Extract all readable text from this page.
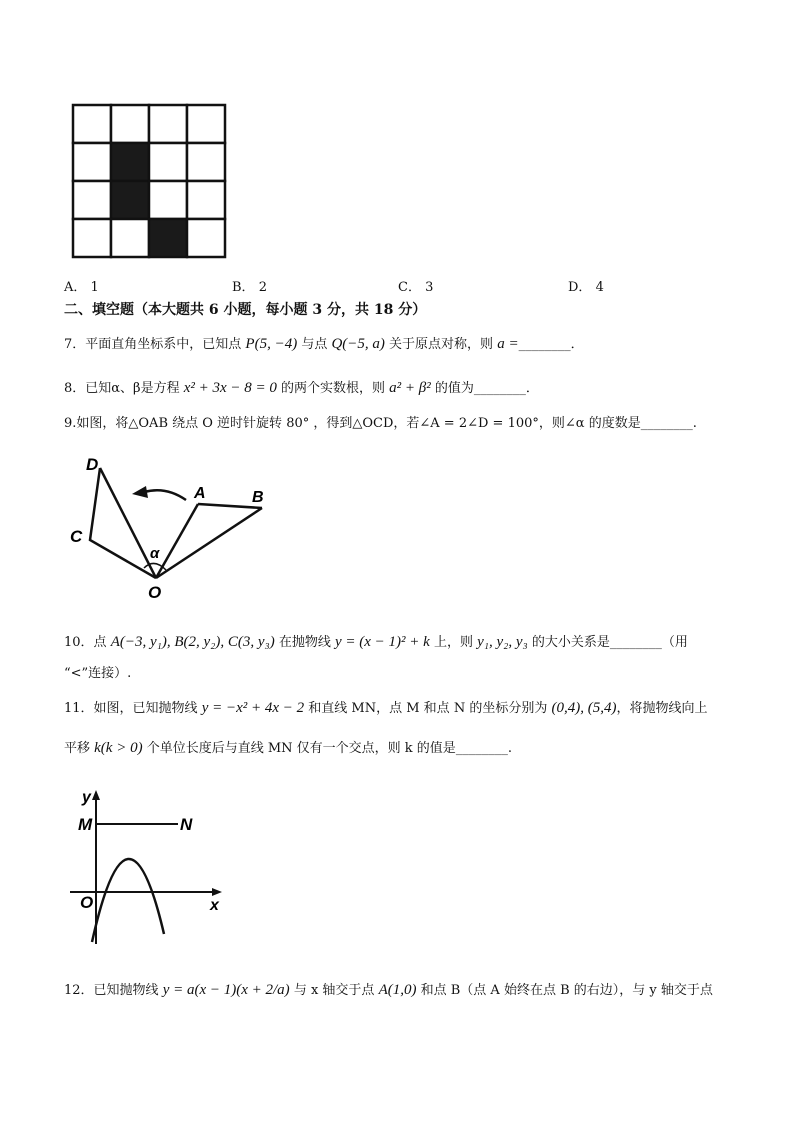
A． 1	B． 2	C． 3	D． 4
二、填空题（本大题共 6 小题，每小题 3 分，共 18 分）
7．平面直角坐标系中，已知点 P(5, −4) 与点 Q(−5, a) 关于原点对称，则 a =________．
8．已知α、β是方程 x² + 3x − 8 = 0 的两个实数根，则 a² + β² 的值为________．
9.如图，将△OAB 绕点 O 逆时针旋转 80° ，得到△OCD，若∠A = 2∠D = 100°，则∠α 的度数是________.
D
A	B
C
α
O
10．点 A(−3, y₁), B(2, y₂), C(3, y₃) 在抛物线 y = (x − 1)² + k 上，则 y₁, y₂, y₃ 的大小关系是________（用
“<”连接）.
11．如图，已知抛物线 y = −x² + 4x − 2 和直线 MN，点 M 和点 N 的坐标分别为 (0,4), (5,4)，将抛物线向上
平移 k(k > 0) 个单位长度后与直线 MN 仅有一个交点，则 k 的值是________.
y
M	N
O	x
12．已知抛物线 y = a(x − 1)(x + 2/a) 与 x 轴交于点 A(1,0) 和点 B（点 A 始终在点 B 的右边），与 y 轴交于点
